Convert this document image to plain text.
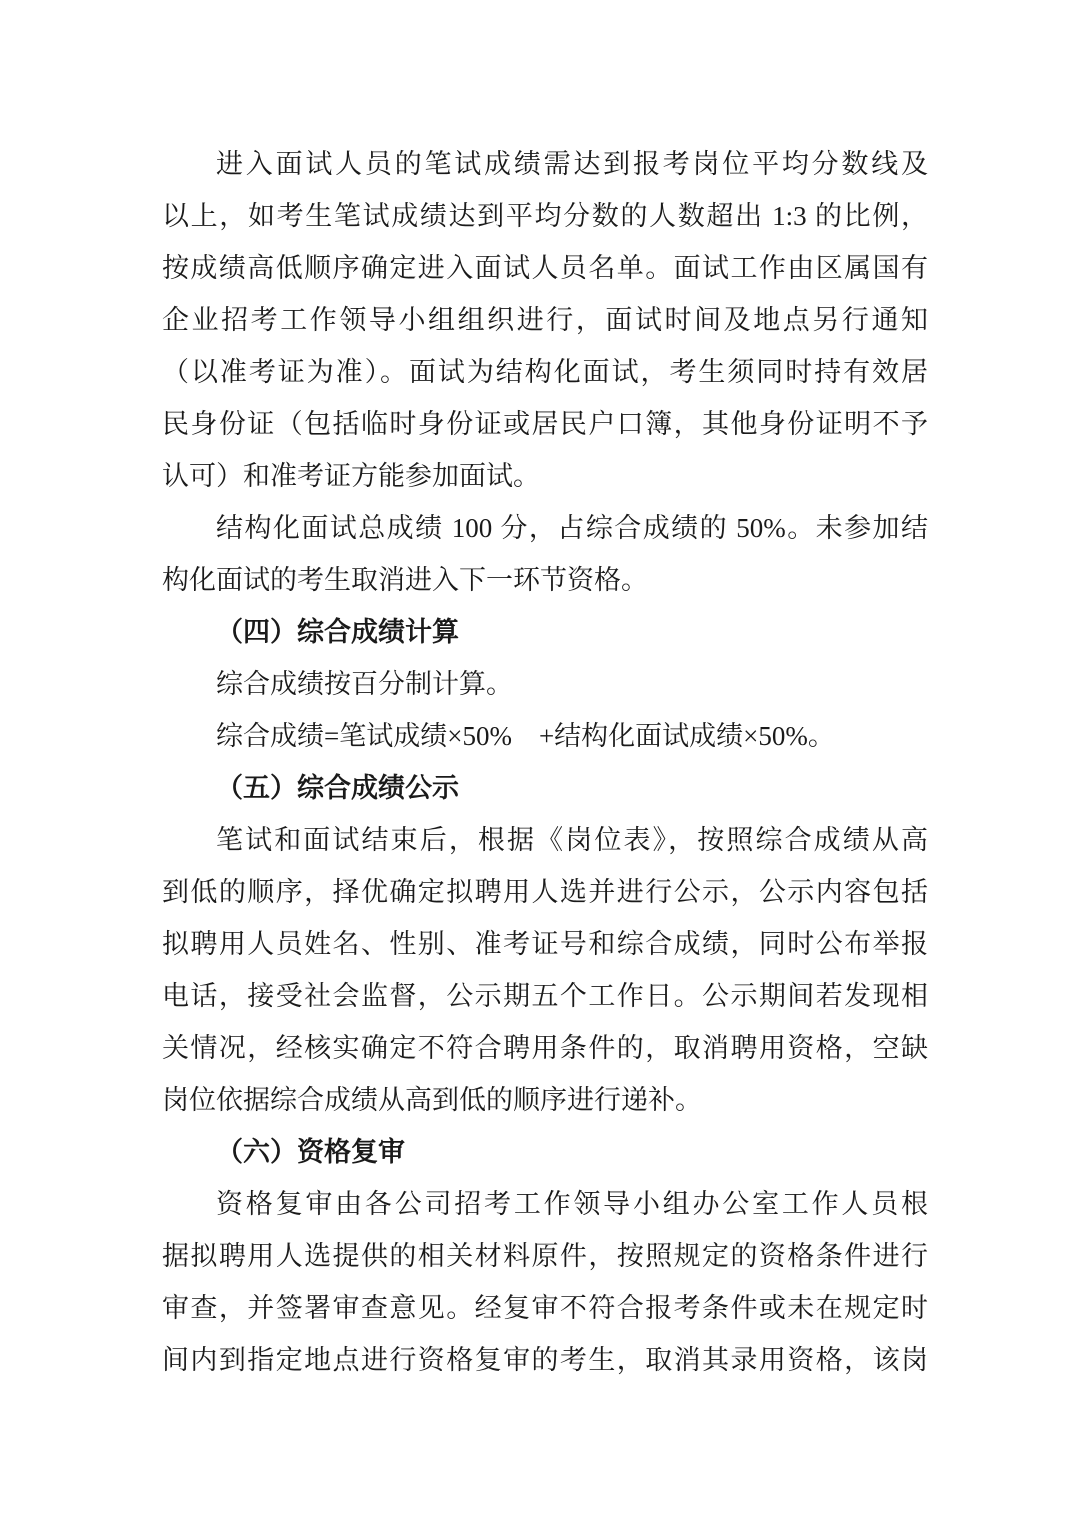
进入面试人员的笔试成绩需达到报考岗位平均分数线及
以上，如考生笔试成绩达到平均分数的人数超出 1:3 的比例，
按成绩高低顺序确定进入面试人员名单。面试工作由区属国有
企业招考工作领导小组组织进行，面试时间及地点另行通知
（以准考证为准）。面试为结构化面试，考生须同时持有效居
民身份证（包括临时身份证或居民户口簿，其他身份证明不予
认可）和准考证方能参加面试。
结构化面试总成绩 100 分，占综合成绩的 50%。未参加结
构化面试的考生取消进入下一环节资格。
（四）综合成绩计算
综合成绩按百分制计算。
综合成绩=笔试成绩×50%　+结构化面试成绩×50%。
（五）综合成绩公示
笔试和面试结束后，根据《岗位表》，按照综合成绩从高
到低的顺序，择优确定拟聘用人选并进行公示，公示内容包括
拟聘用人员姓名、性别、准考证号和综合成绩，同时公布举报
电话，接受社会监督，公示期五个工作日。公示期间若发现相
关情况，经核实确定不符合聘用条件的，取消聘用资格，空缺
岗位依据综合成绩从高到低的顺序进行递补。
（六）资格复审
资格复审由各公司招考工作领导小组办公室工作人员根
据拟聘用人选提供的相关材料原件，按照规定的资格条件进行
审查，并签署审查意见。经复审不符合报考条件或未在规定时
间内到指定地点进行资格复审的考生，取消其录用资格，该岗
